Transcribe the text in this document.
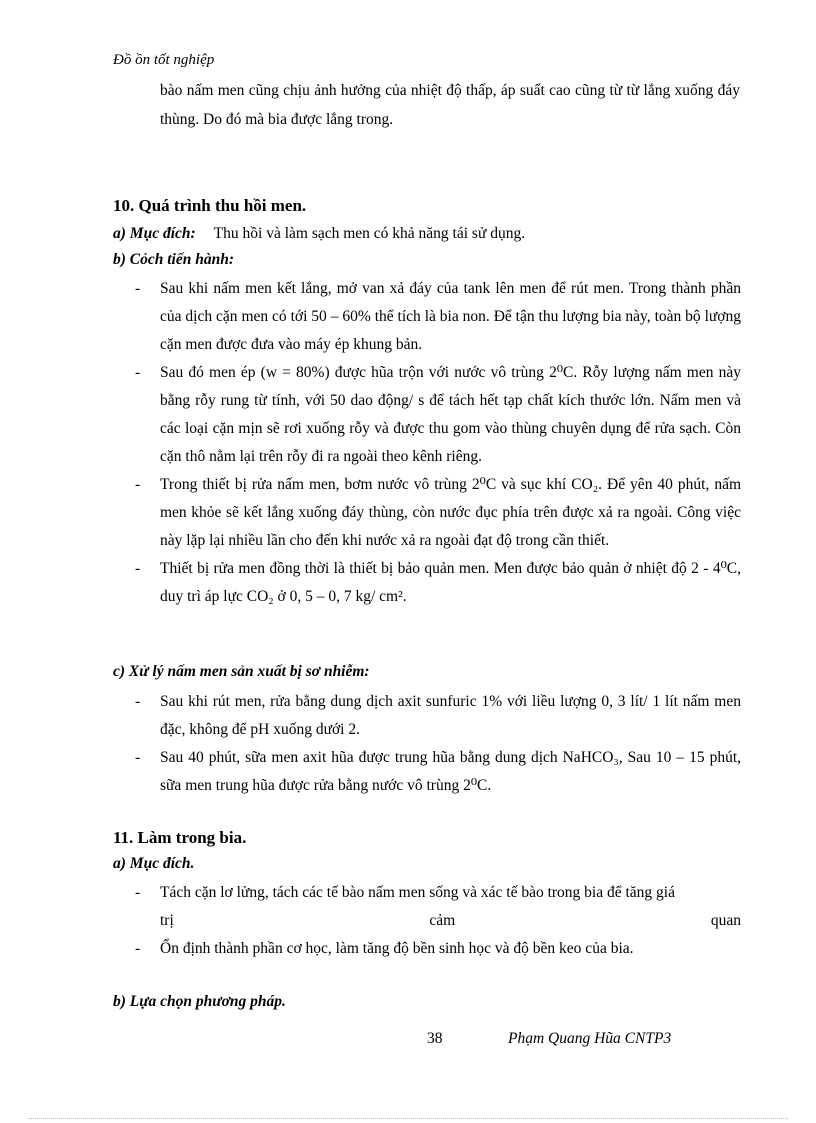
Đồ ồn tốt nghiệp
bào nấm men cũng chịu ảnh hưởng của nhiệt độ thấp, áp suất cao cũng từ từ lắng xuống đáy thùng. Do đó mà bia được lắng trong.
10. Quá trình thu hồi men.
a) Mục đích: Thu hồi và làm sạch men có khả năng tái sử dụng.
b) Cỏch tiến hành:
- Sau khi nấm men kết lắng, mở van xả đáy của tank lên men để rút men. Trong thành phần của dịch cặn men có tới 50 – 60% thể tích là bia non. Để tận thu lượng bia này, toàn bộ lượng cặn men được đưa vào máy ép khung bản.
- Sau đó men ép (w = 80%) được hũa trộn với nước vô trùng 2⁰C. Rỗy lượng nấm men này bằng rỗy rung từ tính, với 50 dao động/ s để tách hết tạp chất kích thước lớn. Nấm men và các loại cặn mịn sẽ rơi xuống rỗy và được thu gom vào thùng chuyên dụng để rửa sạch. Còn cặn thô nằm lại trên rỗy đi ra ngoài theo kênh riêng.
- Trong thiết bị rửa nấm men, bơm nước vô trùng 2⁰C và sục khí CO₂. Để yên 40 phút, nấm men khỏe sẽ kết lắng xuống đáy thùng, còn nước đục phía trên được xả ra ngoài. Công việc này lặp lại nhiều lần cho đến khi nước xả ra ngoài đạt độ trong cần thiết.
- Thiết bị rửa men đồng thời là thiết bị bảo quản men. Men được bảo quản ở nhiệt độ 2 - 4⁰C, duy trì áp lực CO₂ ở 0, 5 – 0, 7 kg/ cm².
c) Xử lý nấm men sản xuất bị sơ nhiễm:
- Sau khi rút men, rửa bằng dung dịch axit sunfuric 1% với liều lượng 0, 3 lít/ 1 lít nấm men đặc, không để pH xuống dưới 2.
- Sau 40 phút, sữa men axit hũa được trung hũa bằng dung dịch NaHCO₃, Sau 10 – 15 phút, sữa men trung hũa được rửa bằng nước vô trùng 2⁰C.
11. Làm trong bia.
a) Mục đích.
- Tách cặn lơ lửng, tách các tế bào nấm men sống và xác tế bào trong bia để tăng giá
trị	cảm	quan
- Ổn định thành phần cơ học, làm tăng độ bền sinh học và độ bền keo của bia.
b) Lựa chọn phương pháp.
38	Phạm Quang Hũa CNTP3
